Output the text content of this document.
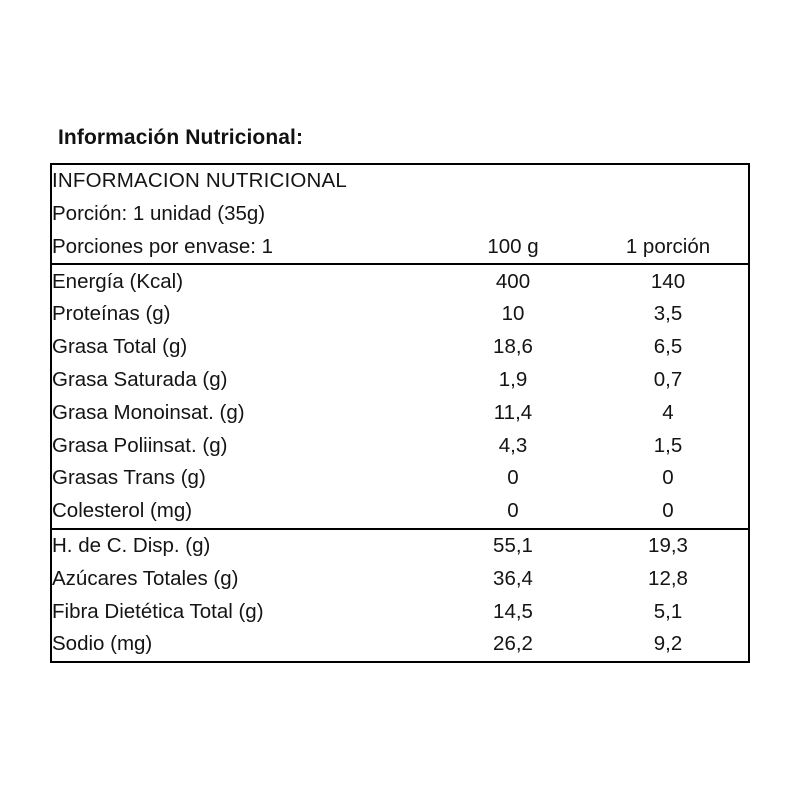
Información Nutricional:
INFORMACION NUTRICIONAL		
Porción: 1 unidad (35g)		
Porciones por envase: 1	100 g	1 porción
Energía (Kcal)	400	140
Proteínas (g)	10	3,5
Grasa Total (g)	18,6	6,5
Grasa Saturada (g)	1,9	0,7
Grasa Monoinsat. (g)	11,4	4
Grasa Poliinsat. (g)	4,3	1,5
Grasas Trans (g)	0	0
Colesterol (mg)	0	0
H. de C. Disp. (g)	55,1	19,3
Azúcares Totales (g)	36,4	12,8
Fibra Dietética Total (g)	14,5	5,1
Sodio (mg)	26,2	9,2
